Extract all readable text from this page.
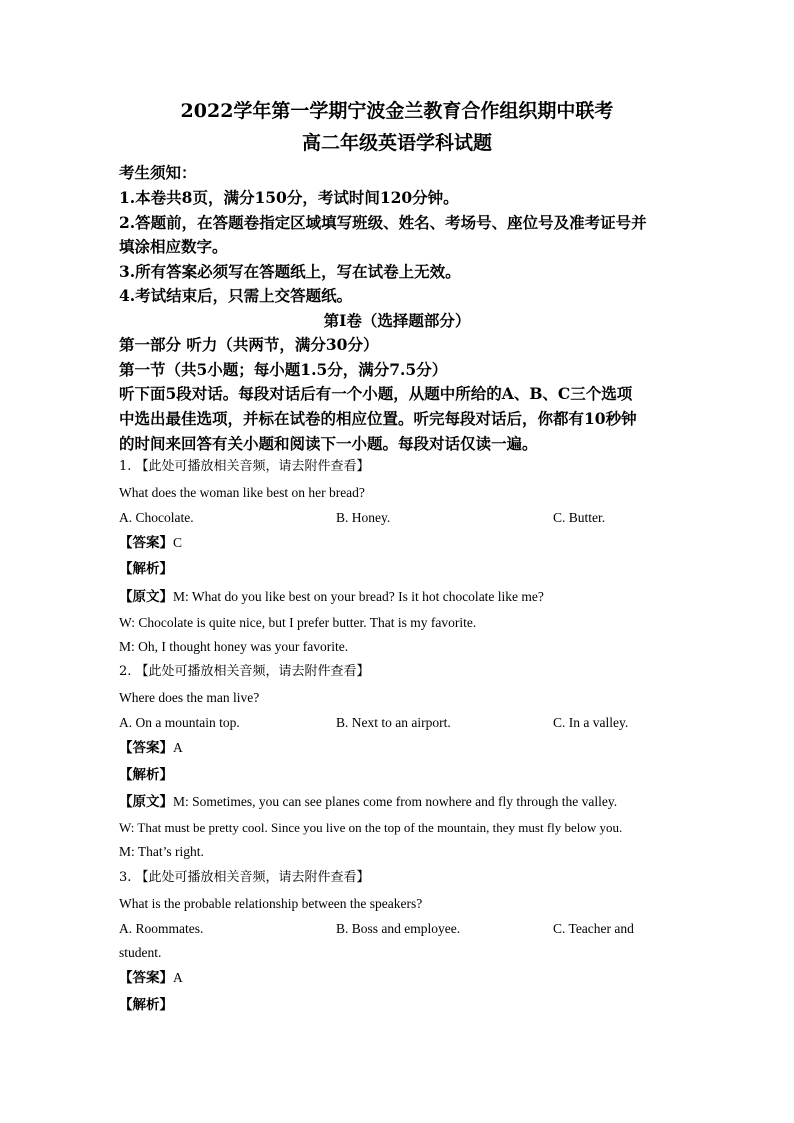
2022学年第一学期宁波金兰教育合作组织期中联考
高二年级英语学科试题
考生须知：
1.本卷共8页，满分150分，考试时间120分钟。
2.答题前，在答题卷指定区域填写班级、姓名、考场号、座位号及准考证号并
填涂相应数字。
3.所有答案必须写在答题纸上，写在试卷上无效。
4.考试结束后，只需上交答题纸。
第I卷（选择题部分）
第一部分 听力（共两节，满分30分）
第一节（共5小题；每小题1.5分，满分7.5分）
听下面5段对话。每段对话后有一个小题，从题中所给的A、B、C三个选项
中选出最佳选项，并标在试卷的相应位置。听完每段对话后，你都有10秒钟
的时间来回答有关小题和阅读下一小题。每段对话仅读一遍。
1. 【此处可播放相关音频，请去附件查看】
What does the woman like best on her bread?
A. Chocolate.	B. Honey.	C. Butter.
【答案】C
【解析】
【原文】M: What do you like best on your bread? Is it hot chocolate like me?
W: Chocolate is quite nice, but I prefer butter. That is my favorite.
M: Oh, I thought honey was your favorite.
2. 【此处可播放相关音频，请去附件查看】
Where does the man live?
A. On a mountain top.	B. Next to an airport.	C. In a valley.
【答案】A
【解析】
【原文】M: Sometimes, you can see planes come from nowhere and fly through the valley.
W: That must be pretty cool. Since you live on the top of the mountain, they must fly below you.
M: That’s right.
3. 【此处可播放相关音频，请去附件查看】
What is the probable relationship between the speakers?
A. Roommates.	B. Boss and employee.	C. Teacher and
student.
【答案】A
【解析】
